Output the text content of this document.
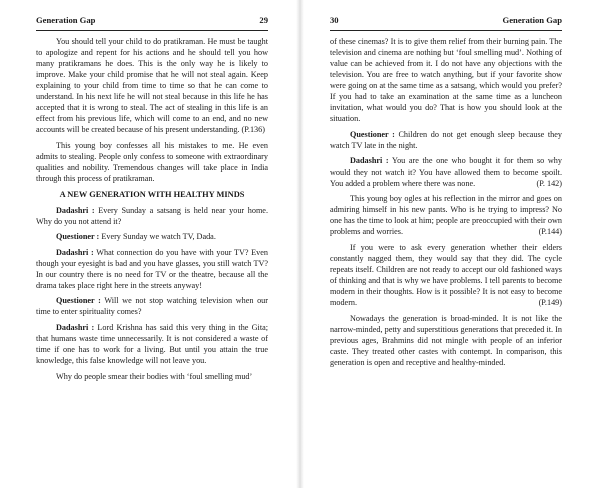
Generation Gap	29

You should tell your child to do pratikraman. He must be taught to apologize and repent for his actions and he should tell you how many pratikramans he does. This is the only way he is likely to improve. Make your child promise that he will not steal again. Keep explaining to your child from time to time so that he can come to understand. In his next life he will not steal because in this life he has accepted that it is wrong to steal. The act of stealing in this life is an effect from his previous life, which will come to an end, and no new accounts will be created because of his present understanding. (P.136)

This young boy confesses all his mistakes to me. He even admits to stealing. People only confess to someone with extraordinary qualities and nobility. Tremendous changes will take place in India through this process of pratikraman.

A NEW GENERATION WITH HEALTHY MINDS

Dadashri : Every Sunday a satsang is held near your home. Why do you not attend it?

Questioner : Every Sunday we watch TV, Dada.

Dadashri : What connection do you have with your TV? Even though your eyesight is bad and you have glasses, you still watch TV? In our country there is no need for TV or the theatre, because all the drama takes place right here in the streets anyway!

Questioner : Will we not stop watching television when our time to enter spirituality comes?

Dadashri : Lord Krishna has said this very thing in the Gita; that humans waste time unnecessarily. It is not considered a waste of time if one has to work for a living. But until you attain the true knowledge, this false knowledge will not leave you.

Why do people smear their bodies with ‘foul smelling mud’

30	Generation Gap

of these cinemas? It is to give them relief from their burning pain. The television and cinema are nothing but ‘foul smelling mud’. Nothing of value can be achieved from it. I do not have any objections with the television. You are free to watch anything, but if your favorite show were going on at the same time as a satsang, which would you prefer? If you had to take an examination at the same time as a luncheon invitation, what would you do? That is how you should look at the situation.

Questioner : Children do not get enough sleep because they watch TV late in the night.

Dadashri : You are the one who bought it for them so why would they not watch it? You have allowed them to become spoilt. You added a problem where there was none.	(P. 142)

This young boy ogles at his reflection in the mirror and goes on admiring himself in his new pants. Who is he trying to impress? No one has the time to look at him; people are preoccupied with their own problems and worries.	(P.144)

If you were to ask every generation whether their elders constantly nagged them, they would say that they did. The cycle repeats itself. Children are not ready to accept our old fashioned ways of thinking and that is why we have problems. I tell parents to become modern in their thoughts. How is it possible? It is not easy to become modern.	(P.149)

Nowadays the generation is broad-minded. It is not like the narrow-minded, petty and superstitious generations that preceded it. In previous ages, Brahmins did not mingle with people of an inferior caste. They treated other castes with contempt. In comparison, this generation is open and receptive and healthy-minded.
